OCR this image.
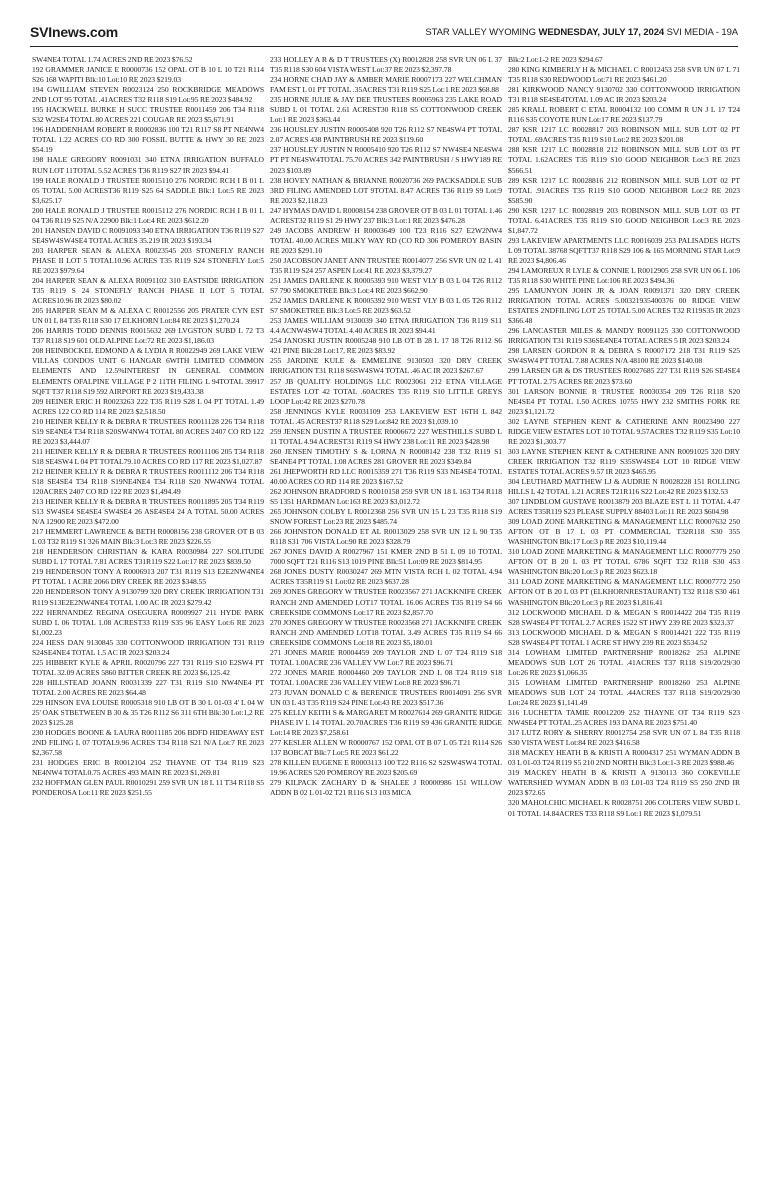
SVInews.com	STAR VALLEY WYOMING WEDNESDAY, JULY 17, 2024 SVI MEDIA - 19A

SW4NE4 TOTAL 1.74 ACRES 2ND RE 2023 $76.52

192 GRAMMER JANICE E R0000736 152 OPAL OT B 10 L 10 T21 R114 S26 168 WAPITI Blk:10 Lot:10 RE 2023 $219.03

194 GWILLIAM STEVEN R0023124 250 ROCKBRIDGE MEADOWS 2ND LOT 95 TOTAL .41ACRES T32 R118 S19 Lot:95 RE 2023 $484.92

195 HACKWELL BURKE H SUCC TRUSTEE R0011459 206 T34 R118 S32 W2SE4 TOTAL 80 ACRES 221 COUGAR RE 2023 $5,671.91

196 HADDENHAM ROBERT R R0002836 100 T21 R117 S8 PT NE4NW4 TOTAL 1.22 ACRES CO RD 300 FOSSIL BUTTE & HWY 30 RE 2023 $54.19

198 HALE GREGORY R0091031 340 ETNA IRRIGATION BUFFALO RUN LOT 11TOTAL 5.52 ACRES T36 R119 S27 IR 2023 $94.41

199 HALE RONALD J TRUSTEE R0015110 276 NORDIC RCH I B 01 L 05 TOTAL 5.00 ACREST36 R119 S25 64 SADDLE Blk:1 Lot:5 RE 2023 $3,625.17

200 HALE RONALD J TRUSTEE R0015112 276 NORDIC RCH I B 01 L 04 T36 R119 S25 N/A 22900 Blk:1 Lot:4 RE 2023 $612.20

201 HANSEN DAVID C R0091093 340 ETNA IRRIGATION T36 R119 S27 SE4SW4SW4SE4 TOTAL ACRES 35.219 IR 2023 $193.34

203 HARPER SEAN & ALEXA R0023545 203 STONEFLY RANCH PHASE II LOT 5 TOTAL10.96 ACRES T35 R119 S24 STONEFLY Lot:5 RE 2023 $979.64

204 HARPER SEAN & ALEXA R0091102 310 EASTSIDE IRRIGATION T35 R119 S 24 STONEFLY RANCH PHASE II LOT 5 TOTAL ACRES10.96 IR 2023 $80.02

205 HARPER SEAN M & ALEXA C R0012556 205 PRATER CYN EST UN 01 L 84 T35 R118 S30 17 ELKHORN Lot:84 RE 2023 $1,270.24

206 HARRIS TODD DENNIS R0015632 269 LVGSTON SUBD L 72 T3 T37 R118 S19 601 OLD ALPINE Lot:72 RE 2023 $1,186.03

208 HEINBOCKEL EDMOND A & LYDIA R R0022949 269 LAKE VIEW VILLAS CONDOS UNIT 6 HANGAR 6WITH LIMITED COMMON ELEMENTS AND 12.5%INTEREST IN GENERAL COMMON ELEMENTS OFALPINE VILLAGE P 2 11TH FILING L 94TOTAL 39917 SQFT T37 R118 S19 592 AIRPORT RE 2023 $19,433.38

209 HEINER ERIC H R0023263 222 T35 R119 S28 L 04 PT TOTAL 1.49 ACRES 122 CO RD 114 RE 2023 $2,518.50

210 HEINER KELLY R & DEBRA R TRUSTEES R0011128 226 T34 R118 S19 SE4NE4 T34 R118 S20SW4NW4 TOTAL 80 ACRES 2407 CO RD 122 RE 2023 $3,444.07

211 HEINER KELLY R & DEBRA R TRUSTEES R0011106 205 T34 R118 S18 SE4SW4 L 04 PT TOTAL79.10 ACRES CO RD 117 RE 2023 $1,027.87

212 HEINER KELLY R & DEBRA R TRUSTEES R0011112 206 T34 R118 S18 SE4SE4 T34 R118 S19NE4NE4 T34 R118 S20 NW4NW4 TOTAL 120ACRES 2407 CO RD 122 RE 2023 $1,494.49

213 HEINER KELLY R & DEBRA R TRUSTEES R0011895 205 T34 R119 S13 SW4SE4 SE4SE4 SW4SE4 26 ASE4SE4 24 A TOTAL 50.00 ACRES N/A 12900 RE 2023 $472.00

217 HEMMERT LAWRENCE & BETH R0008156 238 GROVER OT B 03 L 03 T32 R119 S1 326 MAIN Blk:3 Lot:3 RE 2023 $226.55

218 HENDERSON CHRISTIAN & KARA R0030984 227 SOLITUDE SUBD L 17 TOTAL 7.81 ACRES T31R119 S22 Lot:17 RE 2023 $839.50

219 HENDERSON TONY A R0006913 207 T31 R119 S13 E2E2NW4NE4 PT TOTAL 1 ACRE 2066 DRY CREEK RE 2023 $348.55

220 HENDERSON TONY A 9130799 320 DRY CREEK IRRIGATION T31 R119 S13E2E2NW4NE4 TOTAL 1.00 AC IR 2023 $279.42

222 HERNANDEZ REGINA OSEGUERA R0009927 211 HYDE PARK SUBD L 06 TOTAL 1.08 ACREST33 R119 S35 96 EASY Lot:6 RE 2023 $1,002.23

224 HESS DAN 9130845 330 COTTONWOOD IRRIGATION T31 R119 S24SE4NE4 TOTAL 1.5 AC IR 2023 $203.24

225 HIBBERT KYLE & APRIL R0020796 227 T31 R119 S10 E2SW4 PT TOTAL 32.09 ACRES 5860 BITTER CREEK RE 2023 $6,125.42

228 HILLSTEAD JOANN R0031339 227 T31 R119 S10 NW4NE4 PT TOTAL 2.00 ACRES RE 2023 $64.48

229 HINSON EVA LOUISE R0005318 910 LB OT B 30 L 01-03 4' L 04 W 25' OAK STBETWEEN B 30 & 35 T26 R112 S6 311 6TH Blk:30 Lot:1,2 RE 2023 $125.28

230 HODGES BOONE & LAURA R0011185 206 BDFD HIDEAWAY EST 2ND FILING L 07 TOTAL9.96 ACRES T34 R118 S21 N/A Lot:7 RE 2023 $2,367.58

231 HODGES ERIC B R0012104 252 THAYNE OT T34 R119 S23 NE4NW4 TOTAL0.75 ACRES 493 MAIN RE 2023 $1,269.81

232 HOFFMAN GLEN PAUL R0010291 259 SVR UN 18 L 11 T34 R118 S5 PONDEROSA Lot:11 RE 2023 $251.55

233 HOLLEY A R & D T TRUSTEES (X) R0012828 258 SVR UN 06 L 37 T35 R118 S30 604 VISTA WEST Lot:37 RE 2023 $2,397.78

234 HORNE CHAD JAY & AMBER MARIE R0007173 227 WELCHMAN FAM EST L 01 PT TOTAL .35ACRES T31 R119 S25 Lot:1 RE 2023 $68.88

235 HORNE JULIE & JAY DEE TRUSTEES R0005963 235 LAKE ROAD SUBD L 01 TOTAL 2.61 ACREST30 R118 S5 COTTONWOOD CREEK Lot:1 RE 2023 $363.44

236 HOUSLEY JUSTIN R0005408 920 T26 R112 S7 NE4SW4 PT TOTAL 2.07 ACRES 438 PAINTBRUSH RE 2023 $119.60

237 HOUSLEY JUSTIN N R0005410 920 T26 R112 S7 NW4SE4 NE4SW4 PT PT NE4SW4TOTAL 75.70 ACRES 342 PAINTBRUSH / S HWY189 RE 2023 $103.89

238 HOVEY NATHAN & BRIANNE R0020736 269 PACKSADDLE SUB 3RD FILING AMENDED LOT 9TOTAL 8.47 ACRES T36 R119 S9 Lot:9 RE 2023 $2,118.23

247 HYMAS DAVID L R0008154 238 GROVER OT B 03 L 01 TOTAL 1.46 ACREST32 R119 S1 29 HWY 237 Blk:3 Lot:1 RE 2023 $476.28

249 JACOBS ANDREW H R0003649 100 T23 R116 S27 E2W2NW4 TOTAL 40.00 ACRES MILKY WAY RD (CO RD 306 POMEROY BASIN RE 2023 $291.10

250 JACOBSON JANET ANN TRUSTEE R0014077 256 SVR UN 02 L 41 T35 R119 S24 257 ASPEN Lot:41 RE 2023 $3,379.27

251 JAMES DARLENE K R0005393 910 WEST VLY B 03 L 04 T26 R112 S7 790 SMOKETREE Blk:3 Lot:4 RE 2023 $662.90

252 JAMES DARLENE K R0005392 910 WEST VLY B 03 L 05 T26 R112 S7 SMOKETREE Blk:3 Lot:5 RE 2023 $63.52

253 JAMES WILLIAM 9130039 340 ETNA IRRIGATION T36 R119 S11 4.4 ACNW4SW4 TOTAL 4.40 ACRES IR 2023 $94.41

254 JANOSKI JUSTIN R0005248 910 LB OT B 28 L 17 18 T26 R112 S6 421 PINE Blk:28 Lot:17, RE 2023 $83.92

255 JARDINE KULE & EMMELINE 9130503 320 DRY CREEK IRRIGATION T31 R118 S6SW4SW4 TOTAL .46 AC IR 2023 $267.67

257 JB QUALITY HOLDINGS LLC R0023061 212 ETNA VILLAGE ESTATES LOT 42 TOTAL .60ACRES T35 R119 S10 LITTLE GREYS LOOP Lot:42 RE 2023 $270.78

258 JENNINGS KYLE R0031109 253 LAKEVIEW EST 16TH L 842 TOTAL .45 ACREST37 R118 S29 Lot:842 RE 2023 $1,039.10

259 JENSEN DUSTIN A TRUSTEE R0006672 227 WESTHILLS SUBD L 11 TOTAL 4.94 ACREST31 R119 S4 HWY 238 Lot:11 RE 2023 $428.98

260 JENSEN TIMOTHY S & LORNA N R0008142 238 T32 R119 S1 SE4NE4 PT TOTAL 1.08 ACRES 281 GROVER RE 2023 $349.84

261 JHEPWORTH RD LLC R0015359 271 T36 R119 S33 NE4SE4 TOTAL 40.00 ACRES CO RD 114 RE 2023 $167.52

262 JOHNSON BRADFORD S R0010158 259 SVR UN 18 L 163 T34 R118 S5 1351 HARDMAN Lot:163 RE 2023 $3,012.72

265 JOHNSON COLBY L R0012368 256 SVR UN 15 L 23 T35 R118 S19 SNOW FOREST Lot:23 RE 2023 $485.74

266 JOHNSTON DONALD ET AL R0013029 258 SVR UN 12 L 90 T35 R118 S31 706 VISTA Lot:90 RE 2023 $328.79

267 JONES DAVID A R0027967 151 KMER 2ND B 51 L 09 10 TOTAL 7000 SQFT T21 R116 S13 1019 PINE Blk:51 Lot:09 RE 2023 $814.95

268 JONES DUSTY R0030247 269 MTN VISTA RCH L 02 TOTAL 4.94 ACRES T35R119 S1 Lot:02 RE 2023 $637.28

269 JONES GREGORY W TRUSTEE R0023567 271 JACKKNIFE CREEK RANCH 2ND AMENDED LOT17 TOTAL 16.06 ACRES T35 R119 S4 66 CREEKSIDE COMMONS Lot:17 RE 2023 $2,857.70

270 JONES GREGORY W TRUSTEE R0023568 271 JACKKNIFE CREEK RANCH 2ND AMENDED LOT18 TOTAL 3.49 ACRES T35 R119 S4 66 CREEKSIDE COMMONS Lot:18 RE 2023 $5,180.01

271 JONES MARIE R0004459 209 TAYLOR 2ND L 07 T24 R119 S18 TOTAL 1.00ACRE 236 VALLEY VW Lot:7 RE 2023 $96.71

272 JONES MARIE R0004460 209 TAYLOR 2ND L 08 T24 R119 S18 TOTAL 1.00ACRE 236 VALLEY VIEW Lot:8 RE 2023 $96.71

273 JUVAN DONALD C & BERENICE TRUSTEES R0014091 256 SVR UN 03 L 43 T35 R119 S24 PINE Lot:43 RE 2023 $517.36

275 KELLY KEITH S & MARGARET M R0027614 269 GRANITE RIDGE PHASE IV L 14 TOTAL 20.70ACRES T36 R119 S9 436 GRANITE RIDGE Lot:14 RE 2023 $7,258.61

277 KESLER ALLEN W R0000767 152 OPAL OT B 07 L 05 T21 R114 S26 137 BOBCAT Blk:7 Lot:5 RE 2023 $61.22

278 KILLEN EUGENE E R0003113 100 T22 R116 S2 S2SW4SW4 TOTAL 19.96 ACRES 520 POMEROY RE 2023 $205.69

279 KILPACK ZACHARY D & SHALEE J R0000986 151 WILLOW ADDN B 02 L 01-02 T21 R116 S13 103 MICA

Blk:2 Lot:1-2 RE 2023 $294.67

280 KING KIMBERLY H & MICHAEL C R0012453 258 SVR UN 07 L 71 T35 R118 S30 REDWOOD Lot:71 RE 2023 $461.20

281 KIRKWOOD NANCY 9130702 330 COTTONWOOD IRRIGATION T31 R118 SE4SE4TOTAL 1.09 AC IR 2023 $203.24

285 KRALL ROBERT C ETAL R0004132 100 COMM R UN J L 17 T24 R116 S35 COYOTE RUN Lot:17 RE 2023 $137.79

287 KSR 1217 LC R0028817 203 ROBINSON MILL SUB LOT 02 PT TOTAL .69ACRES T35 R119 S10 Lot:2 RE 2023 $201.08

288 KSR 1217 LC R0028818 212 ROBINSON MILL SUB LOT 03 PT TOTAL 1.62ACRES T35 R119 S10 GOOD NEIGHBOR Lot:3 RE 2023 $566.51

289 KSR 1217 LC R0028816 212 ROBINSON MILL SUB LOT 02 PT TOTAL .91ACRES T35 R119 S10 GOOD NEIGHBOR Lot:2 RE 2023 $585.90

290 KSR 1217 LC R0028819 203 ROBINSON MILL SUB LOT 03 PT TOTAL 6.41ACRES T35 R119 S10 GOOD NEIGHBOR Lot:3 RE 2023 $1,847.72

293 LAKEVIEW APARTMENTS LLC R0016039 253 PALISADES HGTS L 09 TOTAL 38768 SQFTT37 R118 S29 106 & 165 MORNING STAR Lot:9 RE 2023 $4,806.46

294 LAMOREUX R LYLE & CONNIE L R0012905 258 SVR UN 06 L 106 T35 R118 S30 WHITE PINE Lot:106 RE 2023 $494.36

295 LAMUNYON JOHN JR & JOAN R0091371 320 DRY CREEK IRRIGATION TOTAL ACRES 5.00321935400376 00 RIDGE VIEW ESTATES 2NDFILING LOT 25 TOTAL 5.00 ACRES T32 R119S35 IR 2023 $366.48

296 LANCASTER MILES & MANDY R0091125 330 COTTONWOOD IRRIGATION T31 R119 S36SE4NE4 TOTAL ACRES 5 IR 2023 $203.24

298 LARSEN GORDON R & DEBRA S R0007172 218 T31 R119 S25 SW4SW4 PT TOTAL 7.88 ACRES N/A 48100 RE 2023 $140.08

299 LARSEN GR & DS TRUSTEES R0027685 227 T31 R119 S26 SE4SE4 PT TOTAL 2.75 ACRES RE 2023 $73.60

301 LARSON BONNIE R TRUSTEE R0030354 209 T26 R118 S20 NE4SE4 PT TOTAL 1.50 ACRES 10755 HWY 232 SMITHS FORK RE 2023 $1,121.72

302 LAYNE STEPHEN KENT & CATHERINE ANN R0023490 227 RIDGE VIEW ESTATES LOT 10 TOTAL 9.57ACRES T32 R119 S35 Lot:10 RE 2023 $1,303.77

303 LAYNE STEPHEN KENT & CATHERINE ANN R0091025 320 DRY CREEK IRRIGATION T32 R119 S35SW4SE4 LOT 10 RIDGE VIEW ESTATES TOTAL ACRES 9.57 IR 2023 $465.95

304 LEUTHARD MATTHEW LJ & AUDRIE N R0028228 151 ROLLING HILLS L 42 TOTAL 1.21 ACRES T21R116 S22 Lot:42 RE 2023 $132.53

307 LINDBLOM GUSTAVE R0013879 203 BLAZE EST L 11 TOTAL 4.47 ACRES T35R119 S23 PLEASE SUPPLY 88403 Lot:11 RE 2023 $604.98

309 LOAD ZONE MARKETING & MANAGEMENT LLC R0007632 250 AFTON OT B 17 L 03 PT COMMERCIAL T32R118 S30 355 WASHINGTON Blk:17 Lot:3 p RE 2023 $10,119.44

310 LOAD ZONE MARKETING & MANAGEMENT LLC R0007779 250 AFTON OT B 20 L 03 PT TOTAL 6786 SQFT T32 R118 S30 453 WASHINGTON Blk:20 Lot:3 p RE 2023 $623.18

311 LOAD ZONE MARKETING & MANAGEMENT LLC R0007772 250 AFTON OT B 20 L 03 PT (ELKHORNRESTAURANT) T32 R118 S30 461 WASHINGTON Blk:20 Lot:3 p RE 2023 $1,816.41

312 LOCKWOOD MICHAEL D & MEGAN S R0014422 204 T35 R119 S28 SW4SE4 PT TOTAL 2.7 ACRES 1522 ST HWY 239 RE 2023 $323.37

313 LOCKWOOD MICHAEL D & MEGAN S R0014421 222 T35 R119 S28 SW4SE4 PT TOTAL 1 ACRE ST HWY 239 RE 2023 $534.52

314 LOWHAM LIMITED PARTNERSHIP R0018262 253 ALPINE MEADOWS SUB LOT 26 TOTAL .41ACRES T37 R118 S19/20/29/30 Lot:26 RE 2023 $1,066.35

315 LOWHAM LIMITED PARTNERSHIP R0018260 253 ALPINE MEADOWS SUB LOT 24 TOTAL .44ACRES T37 R118 S19/20/29/30 Lot:24 RE 2023 $1,141.49

316 LUCHETTA TAMIE R0012209 252 THAYNE OT T34 R119 S23 NW4SE4 PT TOTAL.25 ACRES 193 DANA RE 2023 $751.40

317 LUTZ RORY & SHERRY R0012754 258 SVR UN 07 L 84 T35 R118 S30 VISTA WEST Lot:84 RE 2023 $416.58

318 MACKEY HEATH B & KRISTI A R0004317 251 WYMAN ADDN B 03 L 01-03 T24 R119 S5 210 2ND NORTH Blk:3 Lot:1-3 RE 2023 $988.46

319 MACKEY HEATH B & KRISTI A 9130113 360 COKEVILLE WATERSHED WYMAN ADDN B 03 L01-03 T24 R119 S5 250 2ND IR 2023 $72.65

320 MAHOLCHIC MICHAEL K R0028751 206 COLTERS VIEW SUBD L 01 TOTAL 14.84ACRES T33 R118 S9 Lot:1 RE 2023 $1,079.51
